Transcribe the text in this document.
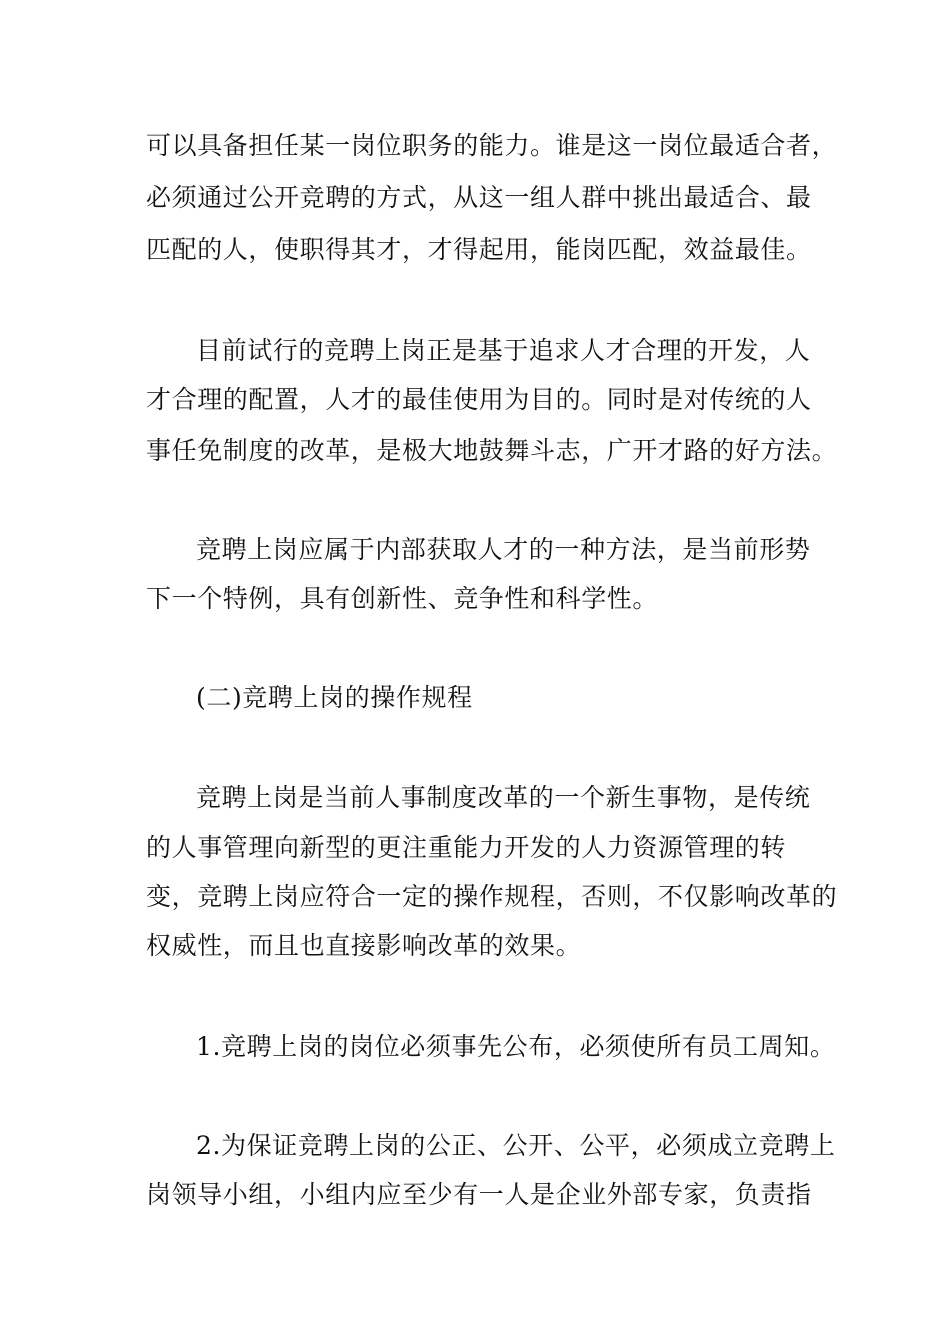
可以具备担任某一岗位职务的能力。谁是这一岗位最适合者，
必须通过公开竞聘的方式，从这一组人群中挑出最适合、最
匹配的人，使职得其才，才得起用，能岗匹配，效益最佳。
目前试行的竞聘上岗正是基于追求人才合理的开发，人
才合理的配置，人才的最佳使用为目的。同时是对传统的人
事任免制度的改革，是极大地鼓舞斗志，广开才路的好方法。
竞聘上岗应属于内部获取人才的一种方法，是当前形势
下一个特例，具有创新性、竞争性和科学性。
(二)竞聘上岗的操作规程
竞聘上岗是当前人事制度改革的一个新生事物，是传统
的人事管理向新型的更注重能力开发的人力资源管理的转
变，竞聘上岗应符合一定的操作规程，否则，不仅影响改革的
权威性，而且也直接影响改革的效果。
1.竞聘上岗的岗位必须事先公布，必须使所有员工周知。
2.为保证竞聘上岗的公正、公开、公平，必须成立竞聘上
岗领导小组，小组内应至少有一人是企业外部专家，负责指
